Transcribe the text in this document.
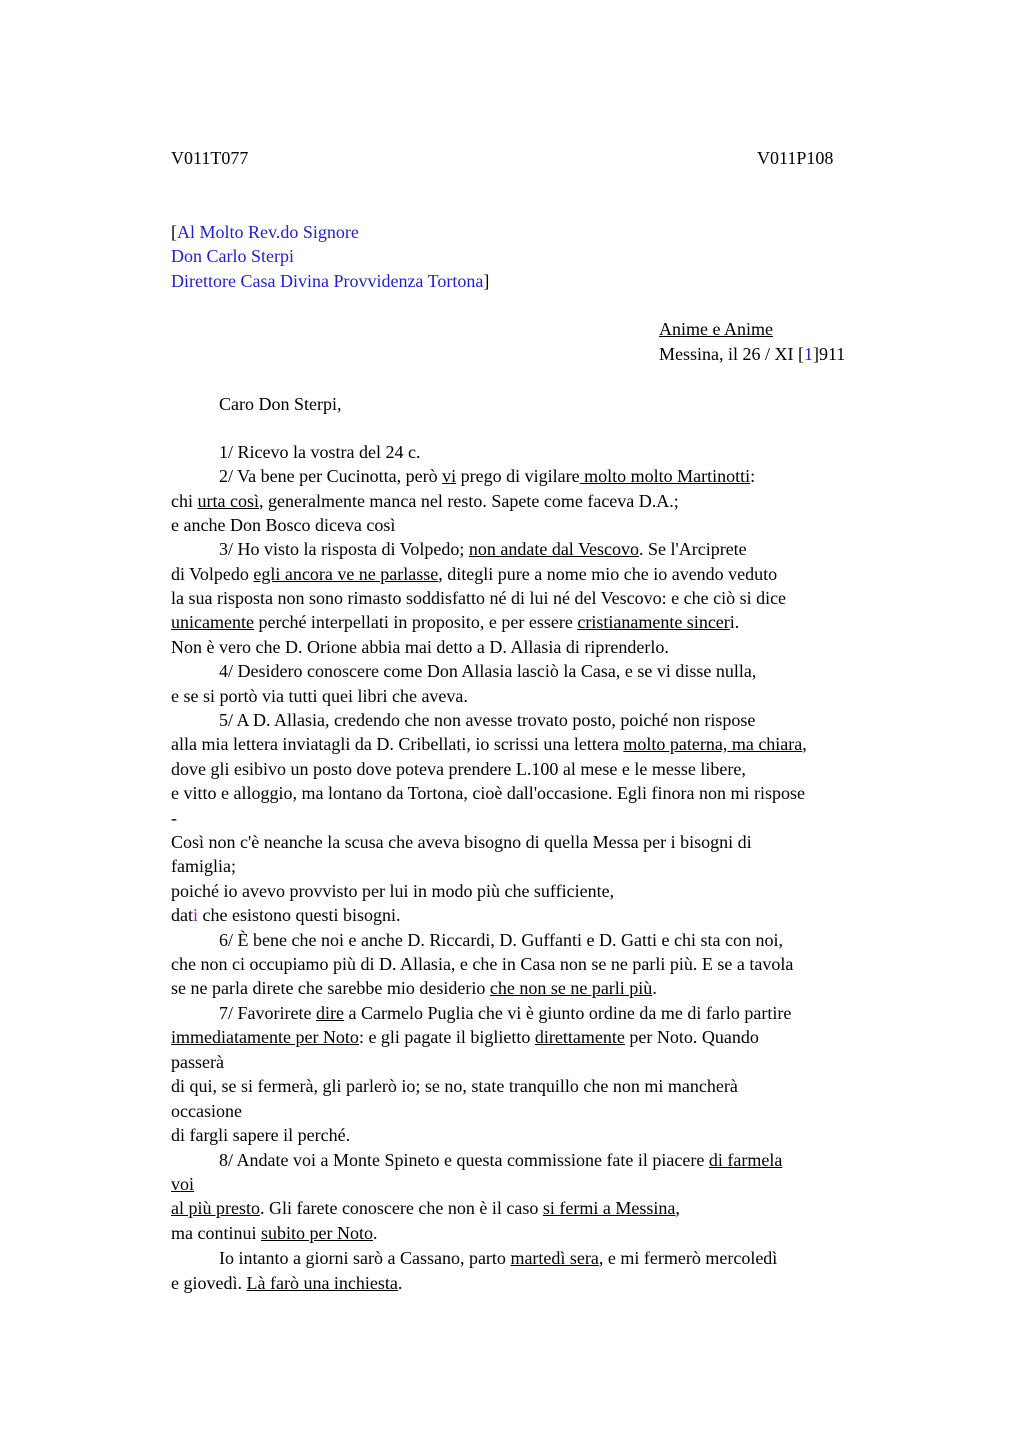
V011T077	V011P108
[Al Molto Rev.do Signore
Don Carlo Sterpi
Direttore Casa Divina Provvidenza Tortona]
Anime e Anime
Messina, il 26 / XI [1]911
Caro Don Sterpi,
1/ Ricevo la vostra del 24 c.
2/ Va bene per Cucinotta, però vi prego di vigilare molto molto Martinotti:
chi urta così, generalmente manca nel resto. Sapete come faceva D.A.;
e anche Don Bosco diceva così
3/ Ho visto la risposta di Volpedo; non andate dal Vescovo. Se l'Arciprete
di Volpedo egli ancora ve ne parlasse, ditegli pure a nome mio che io avendo veduto
la sua risposta non sono rimasto soddisfatto né di lui né del Vescovo: e che ciò si dice
unicamente perché interpellati in proposito, e per essere cristianamente sinceri.
Non è vero che D. Orione abbia mai detto a D. Allasia di riprenderlo.
4/ Desidero conoscere come Don Allasia lasciò la Casa, e se vi disse nulla,
e se si portò via tutti quei libri che aveva.
5/ A D. Allasia, credendo che non avesse trovato posto, poiché non rispose
alla mia lettera inviatagli da D. Cribellati, io scrissi una lettera molto paterna, ma chiara,
dove gli esibivo un posto dove poteva prendere L.100 al mese e le messe libere,
e vitto e alloggio, ma lontano da Tortona, cioè dall'occasione. Egli finora non mi rispose
-
Così non c'è neanche la scusa che aveva bisogno di quella Messa per i bisogni di
famiglia;
poiché io avevo provvisto per lui in modo più che sufficiente,
dati che esistono questi bisogni.
6/ È bene che noi e anche D. Riccardi, D. Guffanti e D. Gatti e chi sta con noi,
che non ci occupiamo più di D. Allasia, e che in Casa non se ne parli più. E se a tavola
se ne parla direte che sarebbe mio desiderio che non se ne parli più.
7/ Favorirete dire a Carmelo Puglia che vi è giunto ordine da me di farlo partire
immediatamente per Noto: e gli pagate il biglietto direttamente per Noto. Quando
passerà
di qui, se si fermerà, gli parlerò io; se no, state tranquillo che non mi mancherà
occasione
di fargli sapere il perché.
8/ Andate voi a Monte Spineto e questa commissione fate il piacere di farmela
voi
al più presto. Gli farete conoscere che non è il caso si fermi a Messina,
ma continui subito per Noto.
Io intanto a giorni sarò a Cassano, parto martedì sera, e mi fermerò mercoledì
e giovedì. Là farò una inchiesta.
